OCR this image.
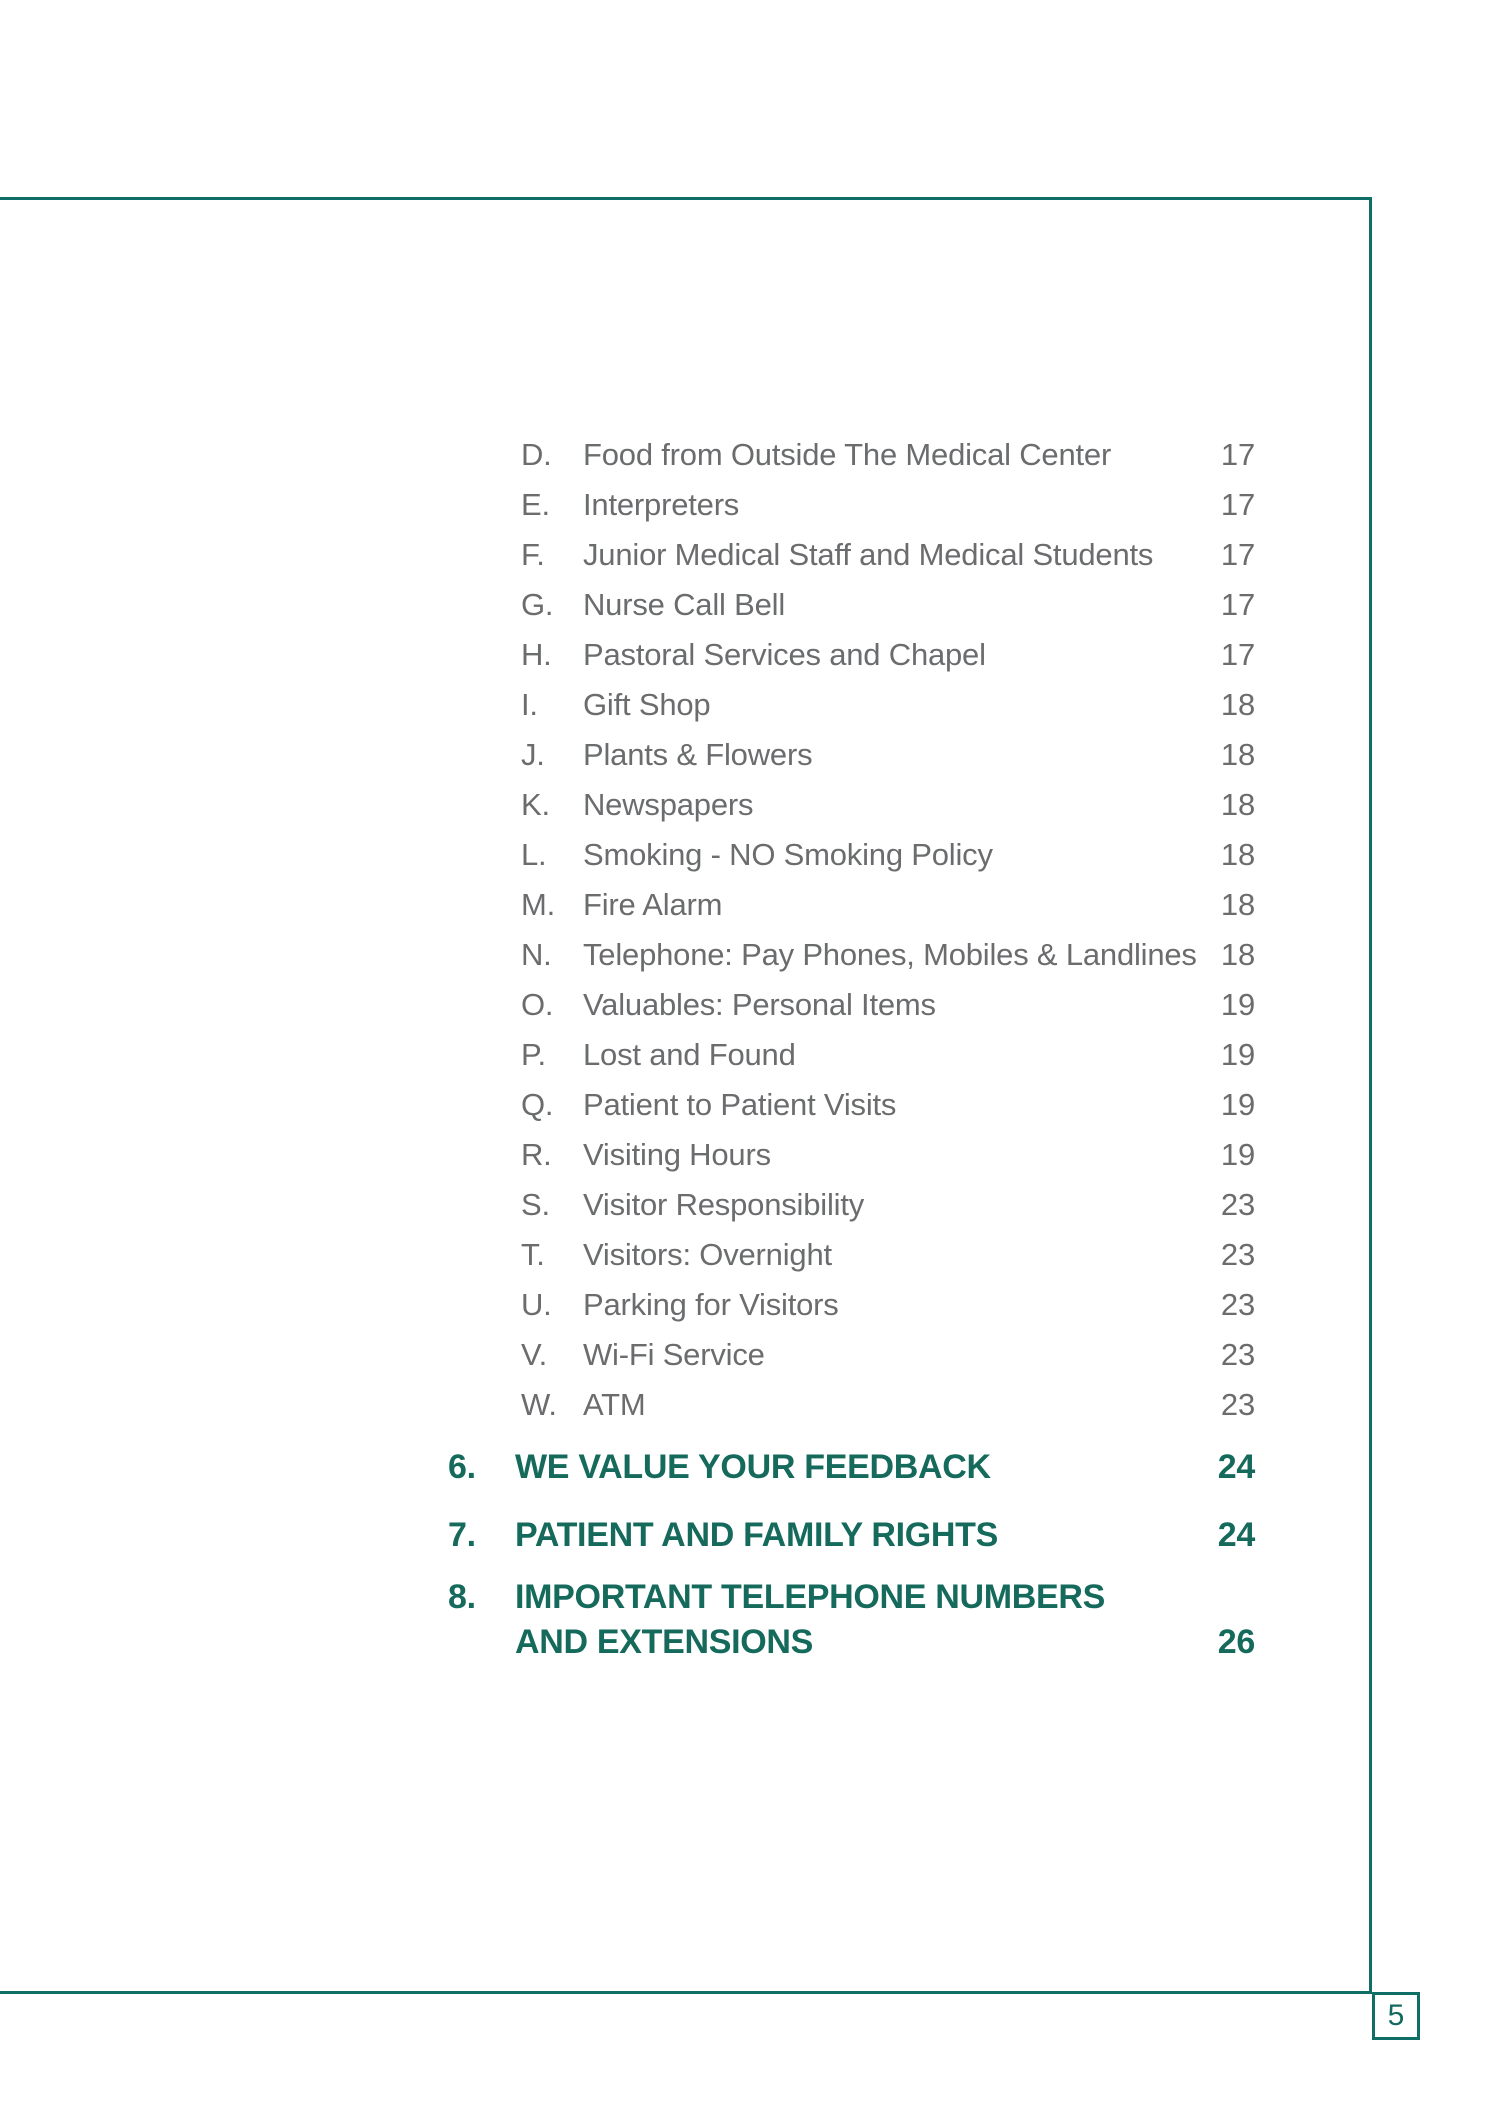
5
D.	Food from Outside The Medical Center	17
E.	Interpreters	17
F.	Junior Medical Staff and Medical Students	17
G. Nurse Call Bell	17
H.	Pastoral Services and Chapel	17
I.	Gift Shop	18
J.	Plants & Flowers	18
K.	Newspapers	18
L.	Smoking - NO Smoking Policy	18
M. Fire Alarm	18
N.	Telephone: Pay Phones, Mobiles & Landlines 18
O. Valuables: Personal Items	19
P.	Lost and Found	19
Q. Patient to Patient Visits	19
R.	Visiting Hours	19
S.	Visitor Responsibility	23
T.	Visitors: Overnight	23
U.	Parking for Visitors	23
V.	Wi-Fi Service	23
W. ATM	23
6.	WE VALUE YOUR FEEDBACK	24
7.	PATIENT AND FAMILY RIGHTS	24
8.	IMPORTANT TELEPHONE NUMBERS
AND EXTENSIONS	26
